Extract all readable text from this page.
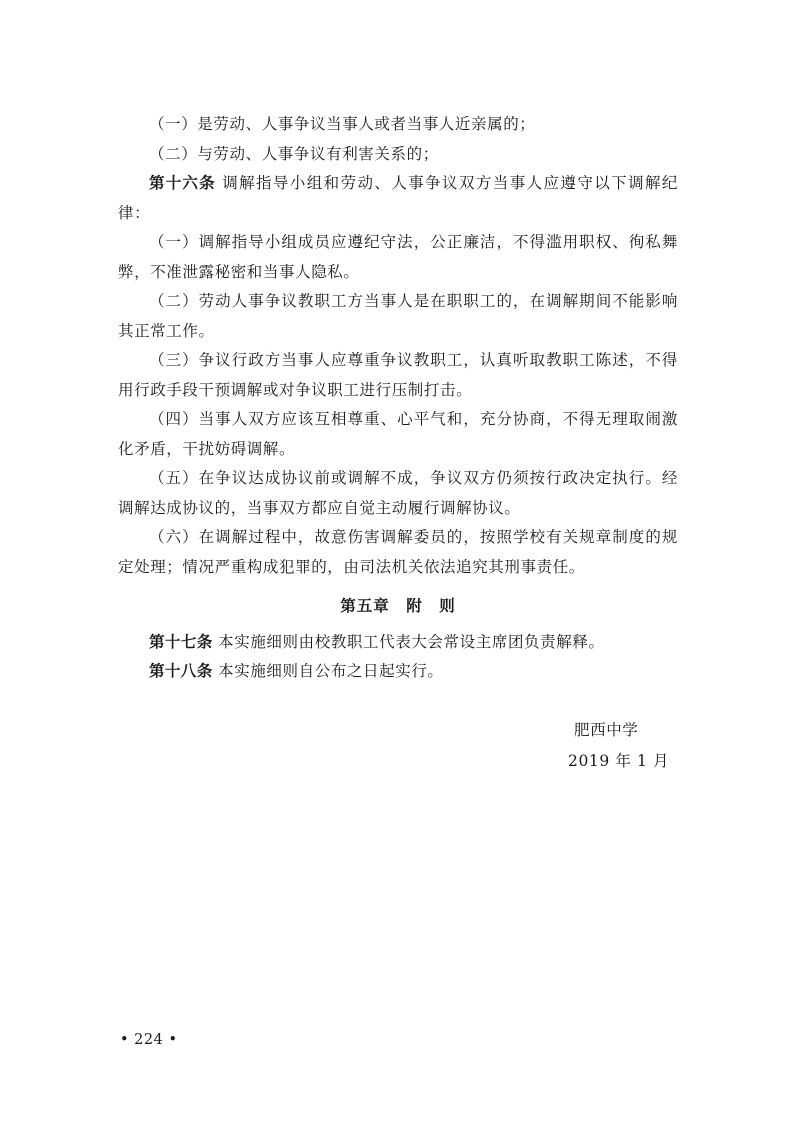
（一）是劳动、人事争议当事人或者当事人近亲属的；

（二）与劳动、人事争议有利害关系的；

第十六条 调解指导小组和劳动、人事争议双方当事人应遵守以下调解纪律：

（一）调解指导小组成员应遵纪守法，公正廉洁，不得滥用职权、徇私舞弊，不准泄露秘密和当事人隐私。

（二）劳动人事争议教职工方当事人是在职职工的，在调解期间不能影响其正常工作。

（三）争议行政方当事人应尊重争议教职工，认真听取教职工陈述，不得用行政手段干预调解或对争议职工进行压制打击。

（四）当事人双方应该互相尊重、心平气和，充分协商，不得无理取闹激化矛盾，干扰妨碍调解。

（五）在争议达成协议前或调解不成，争议双方仍须按行政决定执行。经调解达成协议的，当事双方都应自觉主动履行调解协议。

（六）在调解过程中，故意伤害调解委员的，按照学校有关规章制度的规定处理；情况严重构成犯罪的，由司法机关依法追究其刑事责任。

第五章　附　则

第十七条 本实施细则由校教职工代表大会常设主席团负责解释。

第十八条 本实施细则自公布之日起实行。

肥西中学
2019 年 1 月
• 224 •
